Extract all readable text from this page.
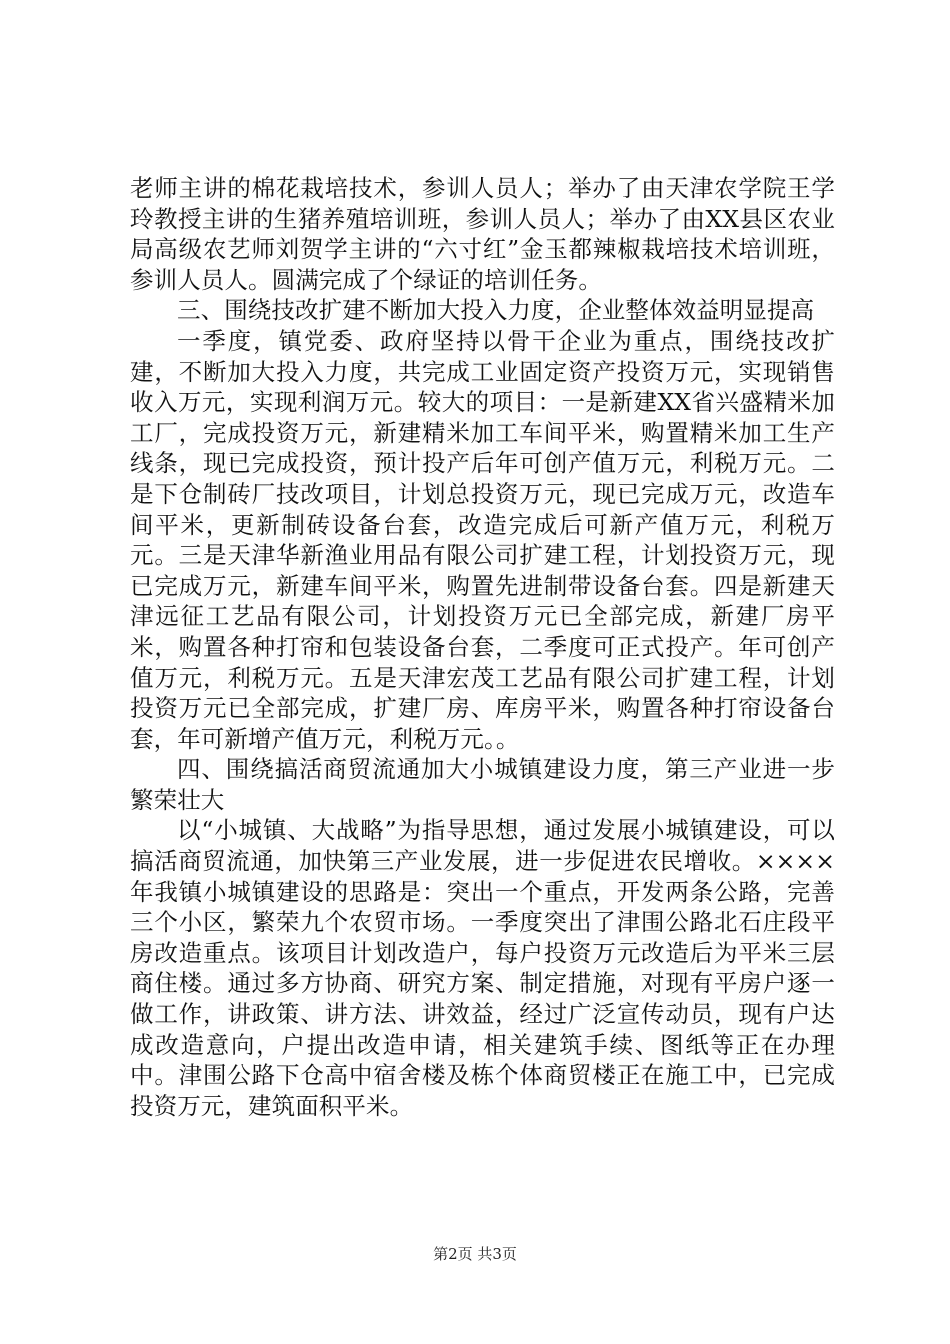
老师主讲的棉花栽培技术，参训人员人；举办了由天津农学院王学玲教授主讲的生猪养殖培训班，参训人员人；举办了由XX县区农业局高级农艺师刘贺学主讲的“六寸红”金玉都辣椒栽培技术培训班，参训人员人。圆满完成了个绿证的培训任务。

三、围绕技改扩建不断加大投入力度，企业整体效益明显提高

一季度，镇党委、政府坚持以骨干企业为重点，围绕技改扩建，不断加大投入力度，共完成工业固定资产投资万元，实现销售收入万元，实现利润万元。较大的项目：一是新建XX省兴盛精米加工厂，完成投资万元，新建精米加工车间平米，购置精米加工生产线条，现已完成投资，预计投产后年可创产值万元，利税万元。二是下仓制砖厂技改项目，计划总投资万元，现已完成万元，改造车间平米，更新制砖设备台套，改造完成后可新产值万元，利税万元。三是天津华新渔业用品有限公司扩建工程，计划投资万元，现已完成万元，新建车间平米，购置先进制带设备台套。四是新建天津远征工艺品有限公司，计划投资万元已全部完成，新建厂房平米，购置各种打帘和包装设备台套，二季度可正式投产。年可创产值万元，利税万元。五是天津宏茂工艺品有限公司扩建工程，计划投资万元已全部完成，扩建厂房、库房平米，购置各种打帘设备台套，年可新增产值万元，利税万元。。

四、围绕搞活商贸流通加大小城镇建设力度，第三产业进一步繁荣壮大

以“小城镇、大战略”为指导思想，通过发展小城镇建设，可以搞活商贸流通，加快第三产业发展，进一步促进农民增收。××××年我镇小城镇建设的思路是：突出一个重点，开发两条公路，完善三个小区，繁荣九个农贸市场。一季度突出了津围公路北石庄段平房改造重点。该项目计划改造户，每户投资万元改造后为平米三层商住楼。通过多方协商、研究方案、制定措施，对现有平房户逐一做工作，讲政策、讲方法、讲效益，经过广泛宣传动员，现有户达成改造意向，户提出改造申请，相关建筑手续、图纸等正在办理中。津围公路下仓高中宿舍楼及栋个体商贸楼正在施工中，已完成投资万元，建筑面积平米。

第2页 共3页
